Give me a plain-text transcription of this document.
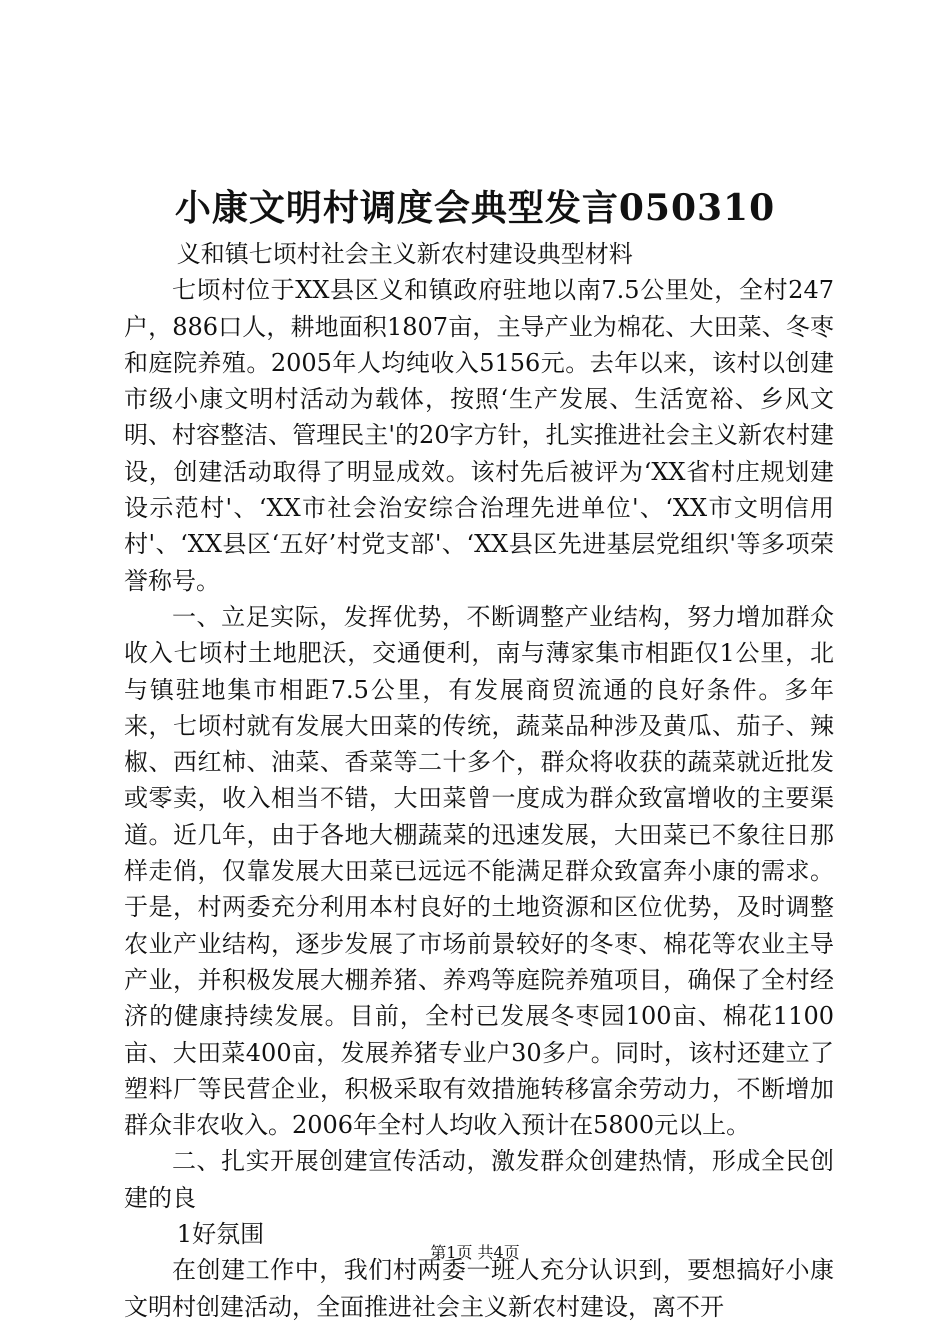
小康文明村调度会典型发言050310

义和镇七顷村社会主义新农村建设典型材料

七顷村位于XX县区义和镇政府驻地以南7.5公里处，全村247户，886口人，耕地面积1807亩，主导产业为棉花、大田菜、冬枣和庭院养殖。2005年人均纯收入5156元。去年以来，该村以创建市级小康文明村活动为载体，按照‘生产发展、生活宽裕、乡风文明、村容整洁、管理民主'的20字方针，扎实推进社会主义新农村建设，创建活动取得了明显成效。该村先后被评为‘XX省村庄规划建设示范村'、‘XX市社会治安综合治理先进单位'、‘XX市文明信用村'、‘XX县区‘五好’村党支部'、‘XX县区先进基层党组织'等多项荣誉称号。

一、立足实际，发挥优势，不断调整产业结构，努力增加群众收入七顷村土地肥沃，交通便利，南与薄家集市相距仅1公里，北与镇驻地集市相距7.5公里，有发展商贸流通的良好条件。多年来，七顷村就有发展大田菜的传统，蔬菜品种涉及黄瓜、茄子、辣椒、西红柿、油菜、香菜等二十多个，群众将收获的蔬菜就近批发或零卖，收入相当不错，大田菜曾一度成为群众致富增收的主要渠道。近几年，由于各地大棚蔬菜的迅速发展，大田菜已不象往日那样走俏，仅靠发展大田菜已远远不能满足群众致富奔小康的需求。于是，村两委充分利用本村良好的土地资源和区位优势，及时调整农业产业结构，逐步发展了市场前景较好的冬枣、棉花等农业主导产业，并积极发展大棚养猪、养鸡等庭院养殖项目，确保了全村经济的健康持续发展。目前，全村已发展冬枣园100亩、棉花1100亩、大田菜400亩，发展养猪专业户30多户。同时，该村还建立了塑料厂等民营企业，积极采取有效措施转移富余劳动力，不断增加群众非农收入。2006年全村人均收入预计在5800元以上。

二、扎实开展创建宣传活动，激发群众创建热情，形成全民创建的良

1好氛围

在创建工作中，我们村两委一班人充分认识到，要想搞好小康文明村创建活动，全面推进社会主义新农村建设，离不开

第1页 共4页
